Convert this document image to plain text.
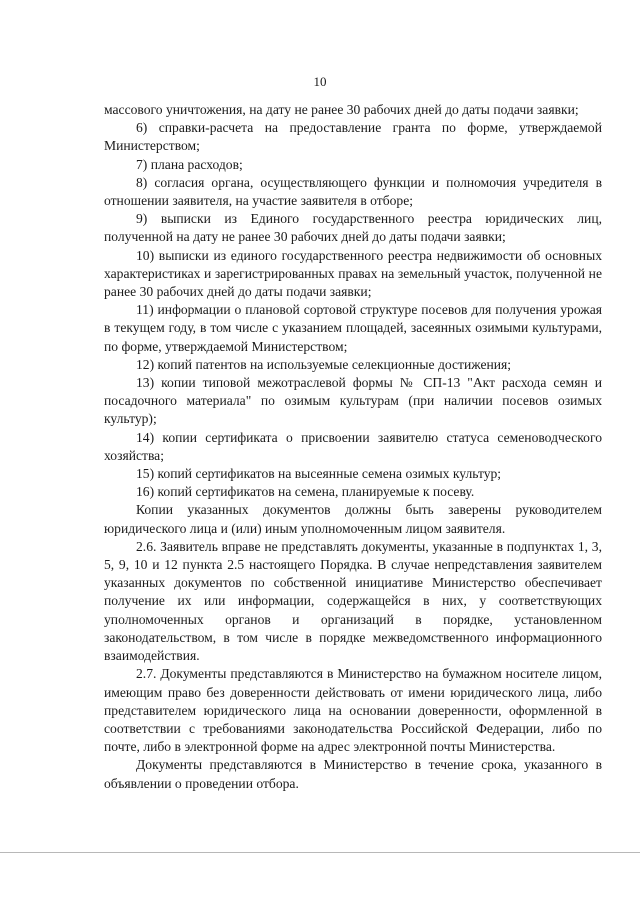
10

массового уничтожения, на дату не ранее 30 рабочих дней до даты подачи заявки;

6) справки-расчета на предоставление гранта по форме, утверждаемой Министерством;

7) плана расходов;

8) согласия органа, осуществляющего функции и полномочия учредителя в отношении заявителя, на участие заявителя в отборе;

9) выписки из Единого государственного реестра юридических лиц, полученной на дату не ранее 30 рабочих дней до даты подачи заявки;

10) выписки из единого государственного реестра недвижимости об основных характеристиках и зарегистрированных правах на земельный участок, полученной не ранее 30 рабочих дней до даты подачи заявки;

11) информации о плановой сортовой структуре посевов для получения урожая в текущем году, в том числе с указанием площадей, засеянных озимыми культурами, по форме, утверждаемой Министерством;

12) копий патентов на используемые селекционные достижения;

13) копии типовой межотраслевой формы № СП-13 "Акт расхода семян и посадочного материала" по озимым культурам (при наличии посевов озимых культур);

14) копии сертификата о присвоении заявителю статуса семеноводческого хозяйства;

15) копий сертификатов на высеянные семена озимых культур;

16) копий сертификатов на семена, планируемые к посеву.

Копии указанных документов должны быть заверены руководителем юридического лица и (или) иным уполномоченным лицом заявителя.

2.6. Заявитель вправе не представлять документы, указанные в подпунктах 1, 3, 5, 9, 10 и 12 пункта 2.5 настоящего Порядка. В случае непредставления заявителем указанных документов по собственной инициативе Министерство обеспечивает получение их или информации, содержащейся в них, у соответствующих уполномоченных органов и организаций в порядке, установленном законодательством, в том числе в порядке межведомственного информационного взаимодействия.

2.7. Документы представляются в Министерство на бумажном носителе лицом, имеющим право без доверенности действовать от имени юридического лица, либо представителем юридического лица на основании доверенности, оформленной в соответствии с требованиями законодательства Российской Федерации, либо по почте, либо в электронной форме на адрес электронной почты Министерства.

Документы представляются в Министерство в течение срока, указанного в объявлении о проведении отбора.
